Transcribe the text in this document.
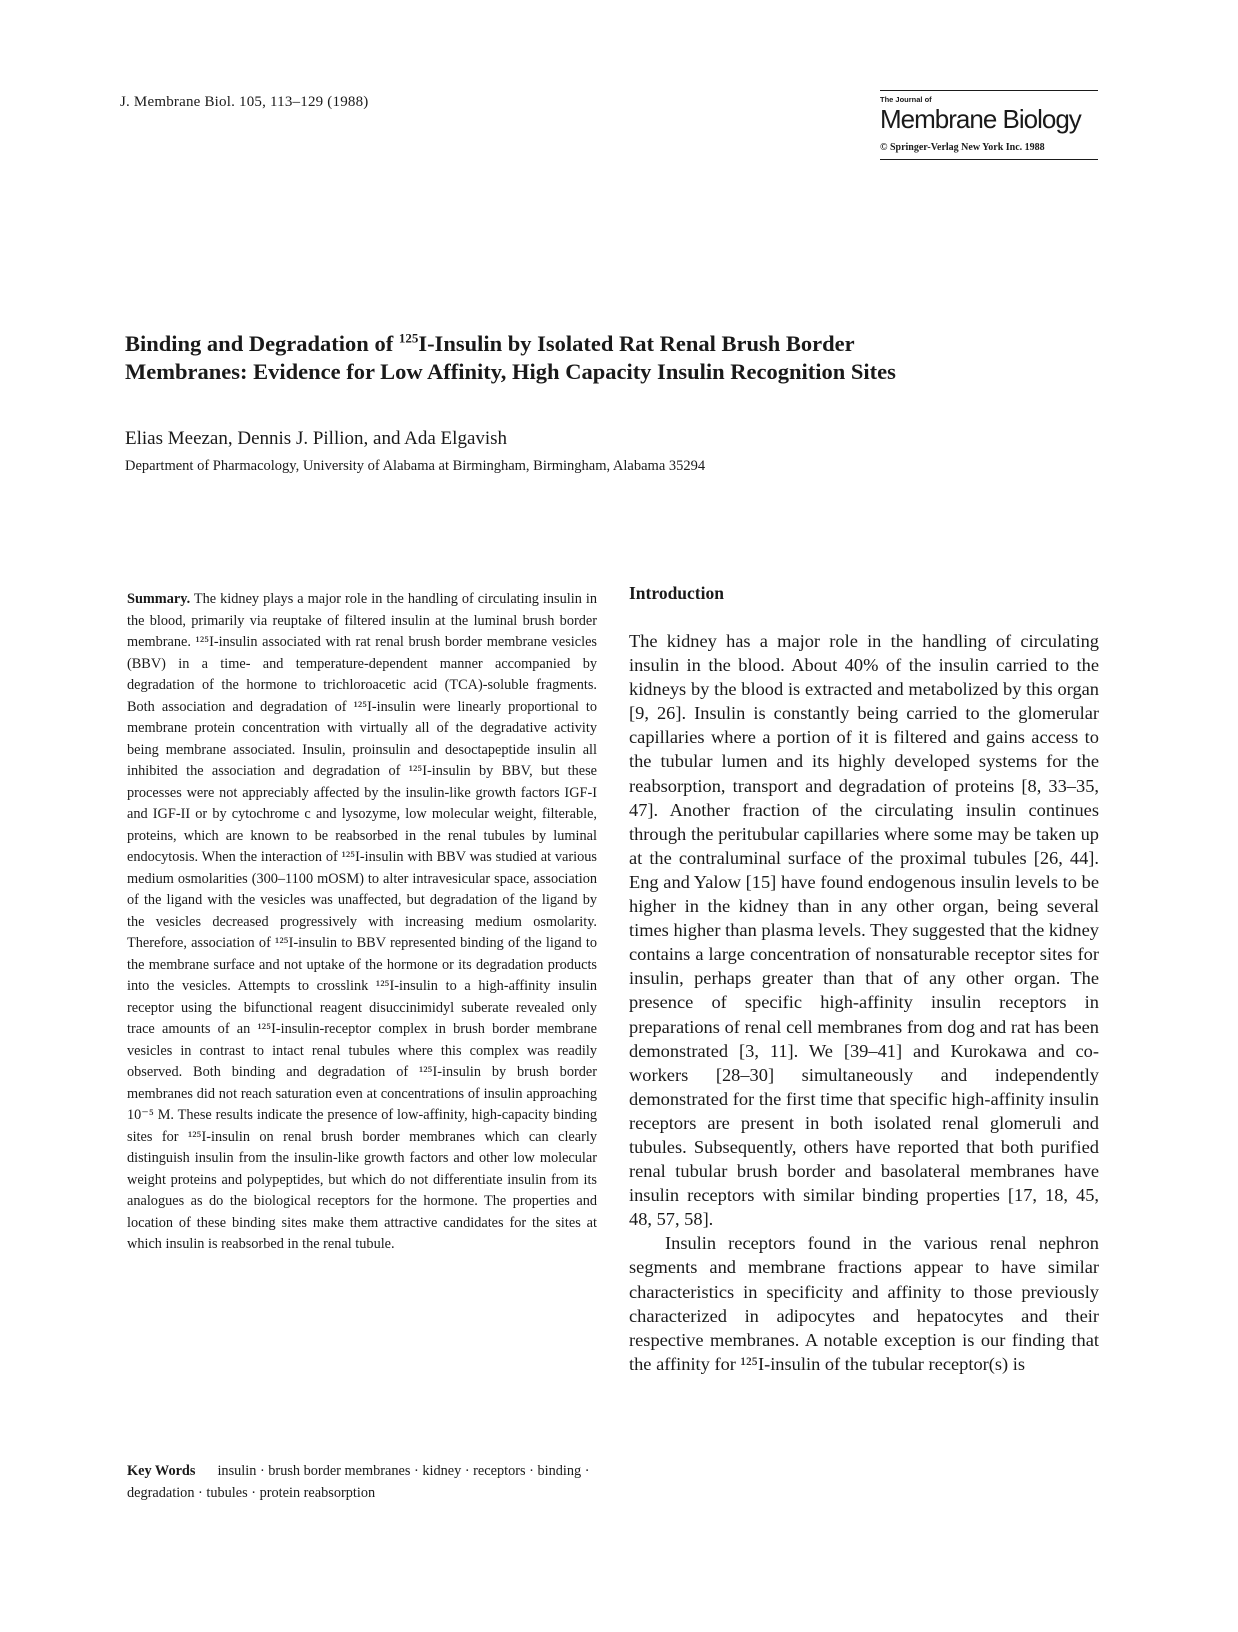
J. Membrane Biol. 105, 113–129 (1988)	The Journal of
Membrane Biology
© Springer-Verlag New York Inc. 1988
Binding and Degradation of $^{125}$I-Insulin by Isolated Rat Renal Brush Border
Membranes: Evidence for Low Affinity, High Capacity Insulin Recognition Sites
Elias Meezan, Dennis J. Pillion, and Ada Elgavish
Department of Pharmacology, University of Alabama at Birmingham, Birmingham, Alabama 35294
Summary. The kidney plays a major role in the handling of circulating insulin in the blood, primarily via reuptake of filtered insulin at the luminal brush border membrane. ¹²⁵I-insulin associated with rat renal brush border membrane vesicles (BBV) in a time- and temperature-dependent manner accompanied by degradation of the hormone to trichloroacetic acid (TCA)-soluble fragments. Both association and degradation of ¹²⁵I-insulin were linearly proportional to membrane protein concentration with virtually all of the degradative activity being membrane associated. Insulin, proinsulin and desoctapeptide insulin all inhibited the association and degradation of ¹²⁵I-insulin by BBV, but these processes were not appreciably affected by the insulin-like growth factors IGF-I and IGF-II or by cytochrome c and lysozyme, low molecular weight, filterable, proteins, which are known to be reabsorbed in the renal tubules by luminal endocytosis. When the interaction of ¹²⁵I-insulin with BBV was studied at various medium osmolarities (300–1100 mOSM) to alter intravesicular space, association of the ligand with the vesicles was unaffected, but degradation of the ligand by the vesicles decreased progressively with increasing medium osmolarity. Therefore, association of ¹²⁵I-insulin to BBV represented binding of the ligand to the membrane surface and not uptake of the hormone or its degradation products into the vesicles. Attempts to crosslink ¹²⁵I-insulin to a high-affinity insulin receptor using the bifunctional reagent disuccinimidyl suberate revealed only trace amounts of an ¹²⁵I-insulin-receptor complex in brush border membrane vesicles in contrast to intact renal tubules where this complex was readily observed. Both binding and degradation of ¹²⁵I-insulin by brush border membranes did not reach saturation even at concentrations of insulin approaching 10⁻⁵ M. These results indicate the presence of low-affinity, high-capacity binding sites for ¹²⁵I-insulin on renal brush border membranes which can clearly distinguish insulin from the insulin-like growth factors and other low molecular weight proteins and polypeptides, but which do not differentiate insulin from its analogues as do the biological receptors for the hormone. The properties and location of these binding sites make them attractive candidates for the sites at which insulin is reabsorbed in the renal tubule.
Key Words insulin · brush border membranes · kidney · receptors · binding · degradation · tubules · protein reabsorption
Introduction

The kidney has a major role in the handling of circulating insulin in the blood. About 40% of the insulin carried to the kidneys by the blood is extracted and metabolized by this organ [9, 26]. Insulin is constantly being carried to the glomerular capillaries where a portion of it is filtered and gains access to the tubular lumen and its highly developed systems for the reabsorption, transport and degradation of proteins [8, 33–35, 47]. Another fraction of the circulating insulin continues through the peritubular capillaries where some may be taken up at the contraluminal surface of the proximal tubules [26, 44]. Eng and Yalow [15] have found endogenous insulin levels to be higher in the kidney than in any other organ, being several times higher than plasma levels. They suggested that the kidney contains a large concentration of nonsaturable receptor sites for insulin, perhaps greater than that of any other organ. The presence of specific high-affinity insulin receptors in preparations of renal cell membranes from dog and rat has been demonstrated [3, 11]. We [39–41] and Kurokawa and co-workers [28–30] simultaneously and independently demonstrated for the first time that specific high-affinity insulin receptors are present in both isolated renal glomeruli and tubules. Subsequently, others have reported that both purified renal tubular brush border and basolateral membranes have insulin receptors with similar binding properties [17, 18, 45, 48, 57, 58].

Insulin receptors found in the various renal nephron segments and membrane fractions appear to have similar characteristics in specificity and affinity to those previously characterized in adipocytes and hepatocytes and their respective membranes. A notable exception is our finding that the affinity for ¹²⁵I-insulin of the tubular receptor(s) is
